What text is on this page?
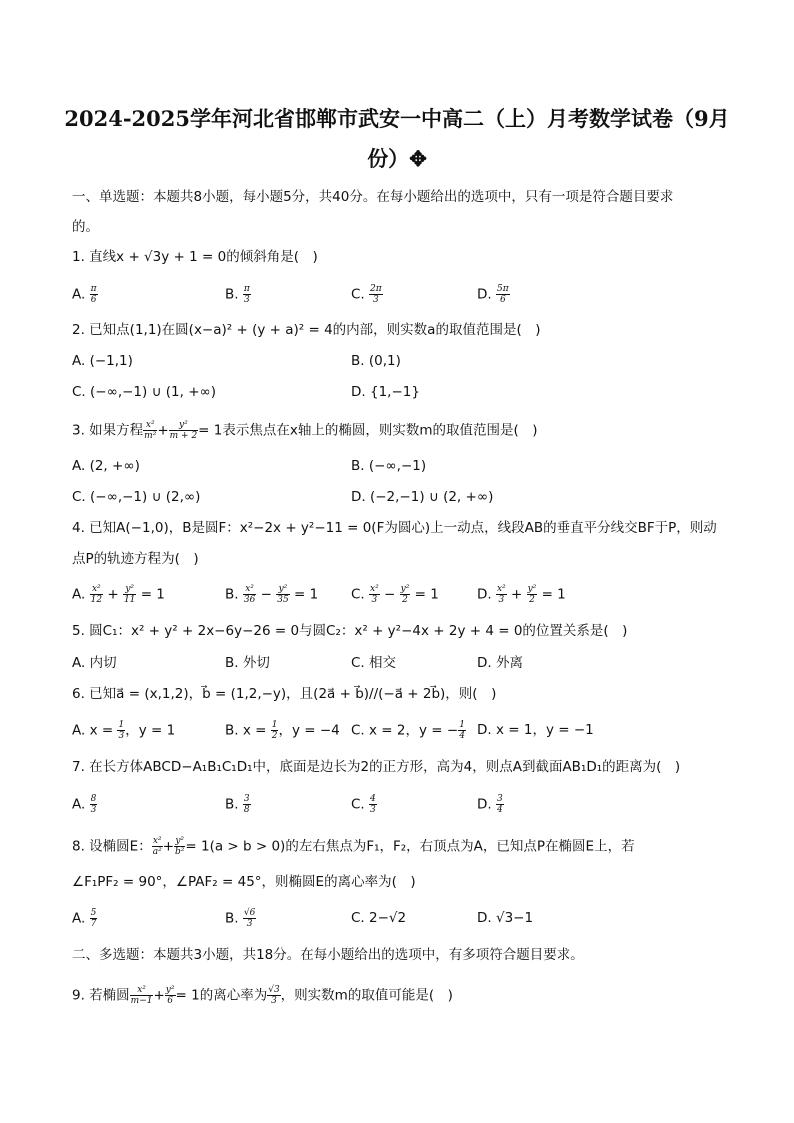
2024-2025学年河北省邯郸市武安一中高二（上）月考数学试卷（9月
份）✥
一、单选题：本题共8小题，每小题5分，共40分。在每小题给出的选项中，只有一项是符合题目要求
的。
1. 直线x + √3y + 1 = 0的倾斜角是(　)
A. $\frac{\pi}{6}$	B. $\frac{\pi}{3}$	C. $\frac{2\pi}{3}$	D. $\frac{5\pi}{6}$
2. 已知点(1,1)在圆(x−a)² + (y + a)² = 4的内部，则实数a的取值范围是(　)
A. (−1,1)	B. (0,1)
C. (−∞,−1) ∪ (1, +∞)	D. {1,−1}
3. 如果方程 $\frac{\text{x²}}{\text{m²}} + \frac{\text{y²}}{m + 2} = 1$表示焦点在x轴上的椭圆，则实数m的取值范围是(　)
A. (2, +∞)	B. (−∞,−1)
C. (−∞,−1) ∪ (2,∞)	D. (−2,−1) ∪ (2, +∞)
4. 已知A(−1,0)，B是圆F：x²−2x + y²−11 = 0(F为圆心)上一动点，线段AB的垂直平分线交BF于P，则动
点P的轨迹方程为(　)
A. $\frac{\text{x²}}{12} + \frac{\text{y²}}{11} = 1$	B. $\frac{\text{x²}}{36} - \frac{\text{y²}}{35} = 1$ C. $\frac{\text{x²}}{3} - \frac{\text{y²}}{2} = 1$	D. $\frac{\text{x²}}{3} + \frac{\text{y²}}{2} = 1$
5. 圆C₁：x² + y² + 2x−6y−26 = 0与圆C₂：x² + y²−4x + 2y + 4 = 0的位置关系是(　)
A. 内切	B. 外切	C. 相交	D. 外离
6. 已知a⃗ = (x,1,2)，b⃗ = (1,2,−y)，且(2a⃗ + b⃗)//(−a⃗ + 2b⃗)，则(　)
A. $x = \frac{1}{3}$ ，y = 1	B. $x = \frac{1}{2}$ ，y = −4 C. x = 2，y = − $\frac{1}{4} D$. x = 1，y = −1
7. 在长方体ABCD−A₁B₁C₁D₁中，底面是边长为2的正方形，高为4，则点A到截面AB₁D₁的距离为(　)
A. $\frac{8}{3}$	B. $\frac{3}{8}$	C. $\frac{4}{3}$	D. $\frac{3}{4}$
8. 设椭圆E： $\frac{\text{x²}}{\text{a²}} + \frac{\text{y²}}{\text{b²}} = 1(a > b > 0)$的左右焦点为F₁，F₂，右顶点为A，已知点P在椭圆E上，若
∠F₁PF₂ = 90°，∠PAF₂ = 45°，则椭圆E的离心率为(　)
A. $\frac{5}{7}$	B. $\frac{√6}{3}$	C. 2−√2	D. √3−1
二、多选题：本题共3小题，共18分。在每小题给出的选项中，有多项符合题目要求。
9. 若椭圆 $\frac{\text{x²}}{m-1} + \frac{\text{y²}}{6} = 1$的离心率为 $\frac{√3}{3}$ ，则实数m的取值可能是(　)
